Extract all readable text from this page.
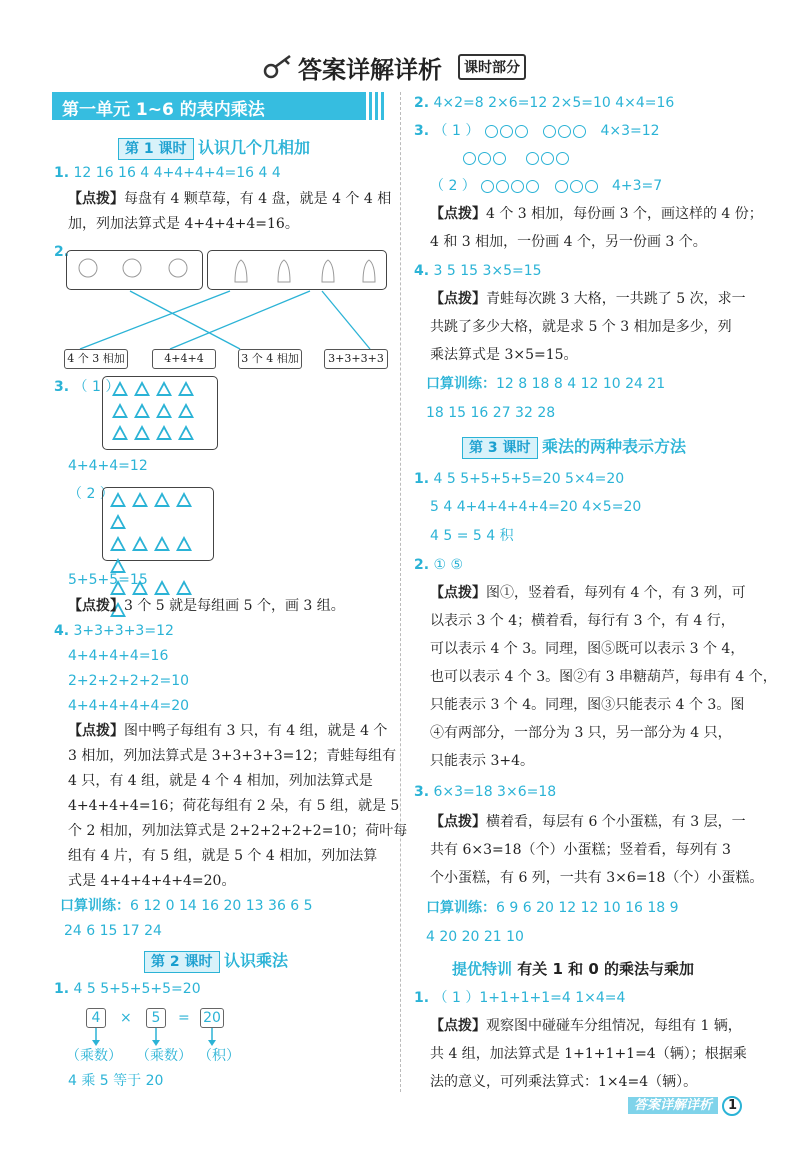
答案详解详析	课时部分
第一单元 1~6 的表内乘法
第 1 课时 认识几个几相加
1. 12 16 16 4 4+4+4+4=16 4 4
【点拨】每盘有 4 颗草莓，有 4 盘，就是 4 个 4 相
加，列加法算式是 4+4+4+4=16。
2.
4 个 3 相加	4+4+4	3 个 4 相加	3+3+3+3
3. （ 1 ）
4+4+4=12
（ 2 ）
5+5+5=15
【点拨】3 个 5 就是每组画 5 个，画 3 组。
4. 3+3+3+3=12
4+4+4+4=16
2+2+2+2+2=10
4+4+4+4+4=20
【点拨】图中鸭子每组有 3 只，有 4 组，就是 4 个
3 相加，列加法算式是 3+3+3+3=12；青蛙每组有
4 只，有 4 组，就是 4 个 4 相加，列加法算式是
4+4+4+4=16；荷花每组有 2 朵，有 5 组，就是 5
个 2 相加，列加法算式是 2+2+2+2+2=10；荷叶每
组有 4 片，有 5 组，就是 5 个 4 相加，列加法算
式是 4+4+4+4+4=20。
口算训练：6 12 0 14 16 20 13 36 6 5
24 6 15 17 24
第 2 课时 认识乘法
1. 4 5 5+5+5+5=20
4	×	5	= 20
（乘数） （乘数） （积）
4 乘 5 等于 20
2. 4×2=8 2×6=12 2×5=10 4×4=16
3. （ 1 ）	4×3=12

（ 2 ）	4+3=7
【点拨】4 个 3 相加，每份画 3 个，画这样的 4 份；
4 和 3 相加，一份画 4 个，另一份画 3 个。
4. 3 5 15 3×5=15
【点拨】青蛙每次跳 3 大格，一共跳了 5 次，求一
共跳了多少大格，就是求 5 个 3 相加是多少，列
乘法算式是 3×5=15。
口算训练：12 8 18 8 4 12 10 24 21
18 15 16 27 32 28
第 3 课时 乘法的两种表示方法
1. 4 5 5+5+5+5=20 5×4=20
5 4 4+4+4+4+4=20 4×5=20
4 5 = 5 4 积
2. ① ⑤
【点拨】图①，竖着看，每列有 4 个，有 3 列，可
以表示 3 个 4；横着看，每行有 3 个，有 4 行，
可以表示 4 个 3。同理，图⑤既可以表示 3 个 4，
也可以表示 4 个 3。图②有 3 串糖葫芦，每串有 4 个，
只能表示 3 个 4。同理，图③只能表示 4 个 3。图
④有两部分，一部分为 3 只，另一部分为 4 只，
只能表示 3+4。
3. 6×3=18 3×6=18
【点拨】横着看，每层有 6 个小蛋糕，有 3 层，一
共有 6×3=18（个）小蛋糕；竖着看，每列有 3
个小蛋糕，有 6 列，一共有 3×6=18（个）小蛋糕。
口算训练：6 9 6 20 12 12 10 16 18 9
4 20 20 21 10
提优特训 有关 1 和 0 的乘法与乘加
1. （ 1 ）1+1+1+1=4 1×4=4
【点拨】观察图中碰碰车分组情况，每组有 1 辆，
共 4 组，加法算式是 1+1+1+1=4（辆）；根据乘
法的意义，可列乘法算式：1×4=4（辆）。
答案详解详析 1
